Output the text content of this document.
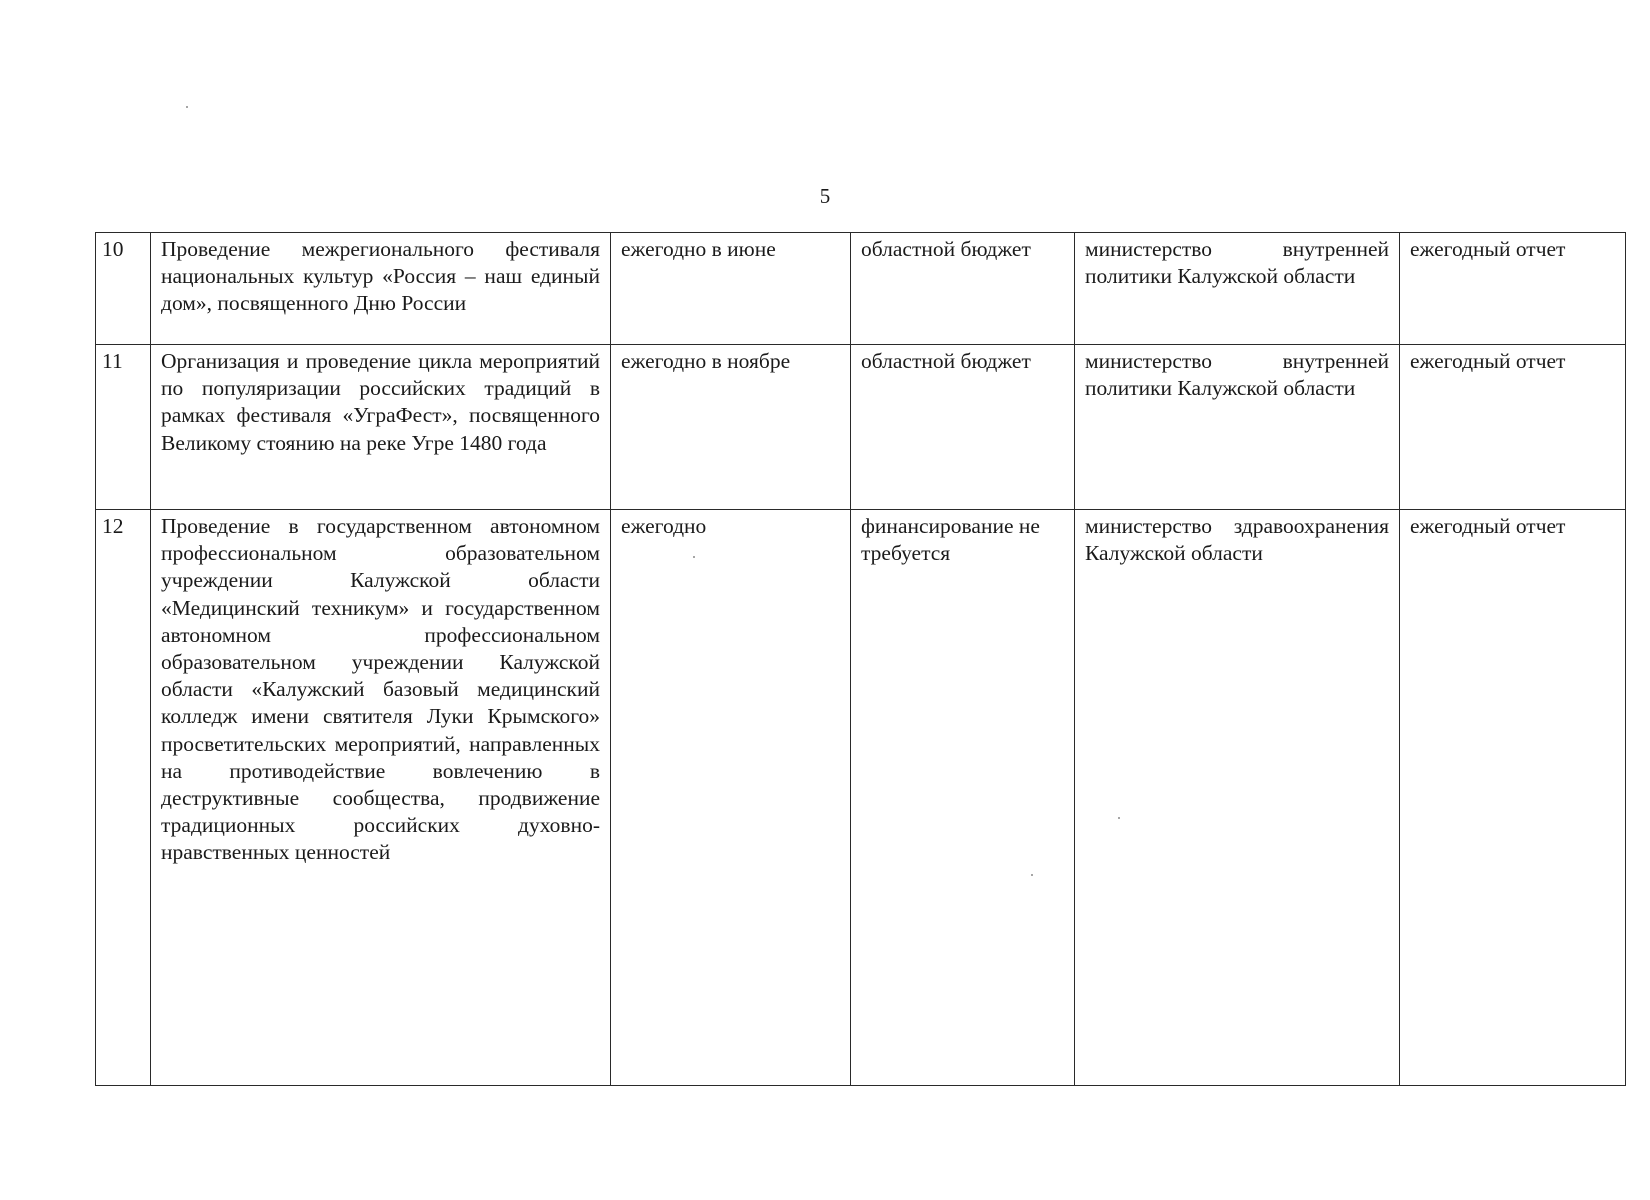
5
10	Проведение межрегионального фестиваля национальных культур «Россия – наш единый дом», посвященного Дню России	ежегодно в июне	областной бюджет	министерство внутренней политики Калужской области	ежегодный отчет
11	Организация и проведение цикла мероприятий по популяризации российских традиций в рамках фестиваля «УграФест», посвященного Великому стоянию на реке Угре 1480 года	ежегодно в ноябре	областной бюджет	министерство внутренней политики Калужской области	ежегодный отчет
12	Проведение в государственном автономном профессиональном образовательном учреждении Калужской области «Медицинский техникум» и государственном автономном профессиональном образовательном учреждении Калужской области «Калужский базовый медицинский колледж имени святителя Луки Крымского» просветительских мероприятий, направленных на противодействие вовлечению в деструктивные сообщества, продвижение традиционных российских духовно-нравственных ценностей	ежегодно	финансирование не требуется	министерство здравоохранения Калужской области	ежегодный отчет
